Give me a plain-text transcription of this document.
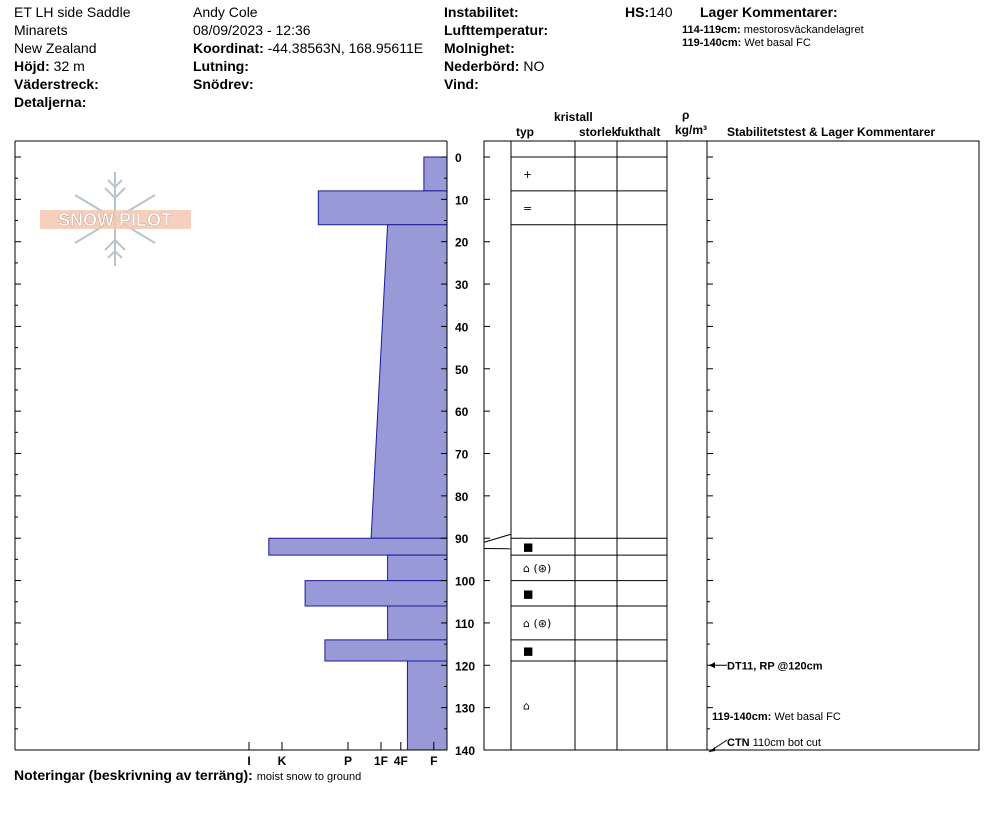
ET LH side Saddle
Minarets
New Zealand
Höjd: 32 m
Väderstreck:
Detaljerna:
Andy Cole
08/09/2023 - 12:36
Koordinat: -44.38563N, 168.95611E
Lutning:
Snödrev:
Instabilitet:
Lufttemperatur:
Molnighet:
Nederbörd: NO
Vind:
HS:140 Lager Kommentarer:
114-119cm: mestorosväckandelagret
119-140cm: Wet basal FC
kristall
typ	storlek
fukthalt
ρ
kg/m³ Stabilitetstest & Lager Kommentarer
SNOW PILOT
0
10
20
30
40
50
60
70
80
90
100
110
120
130
140
I K	P 1F 4F F
+
=
■
⌂ (⊛)
■
⌂ (⊛)
■
⌂
DT11, RP @120cm
119-140cm: Wet basal FC
CTN 110cm bot cut
Noteringar (beskrivning av terräng): moist snow to ground
